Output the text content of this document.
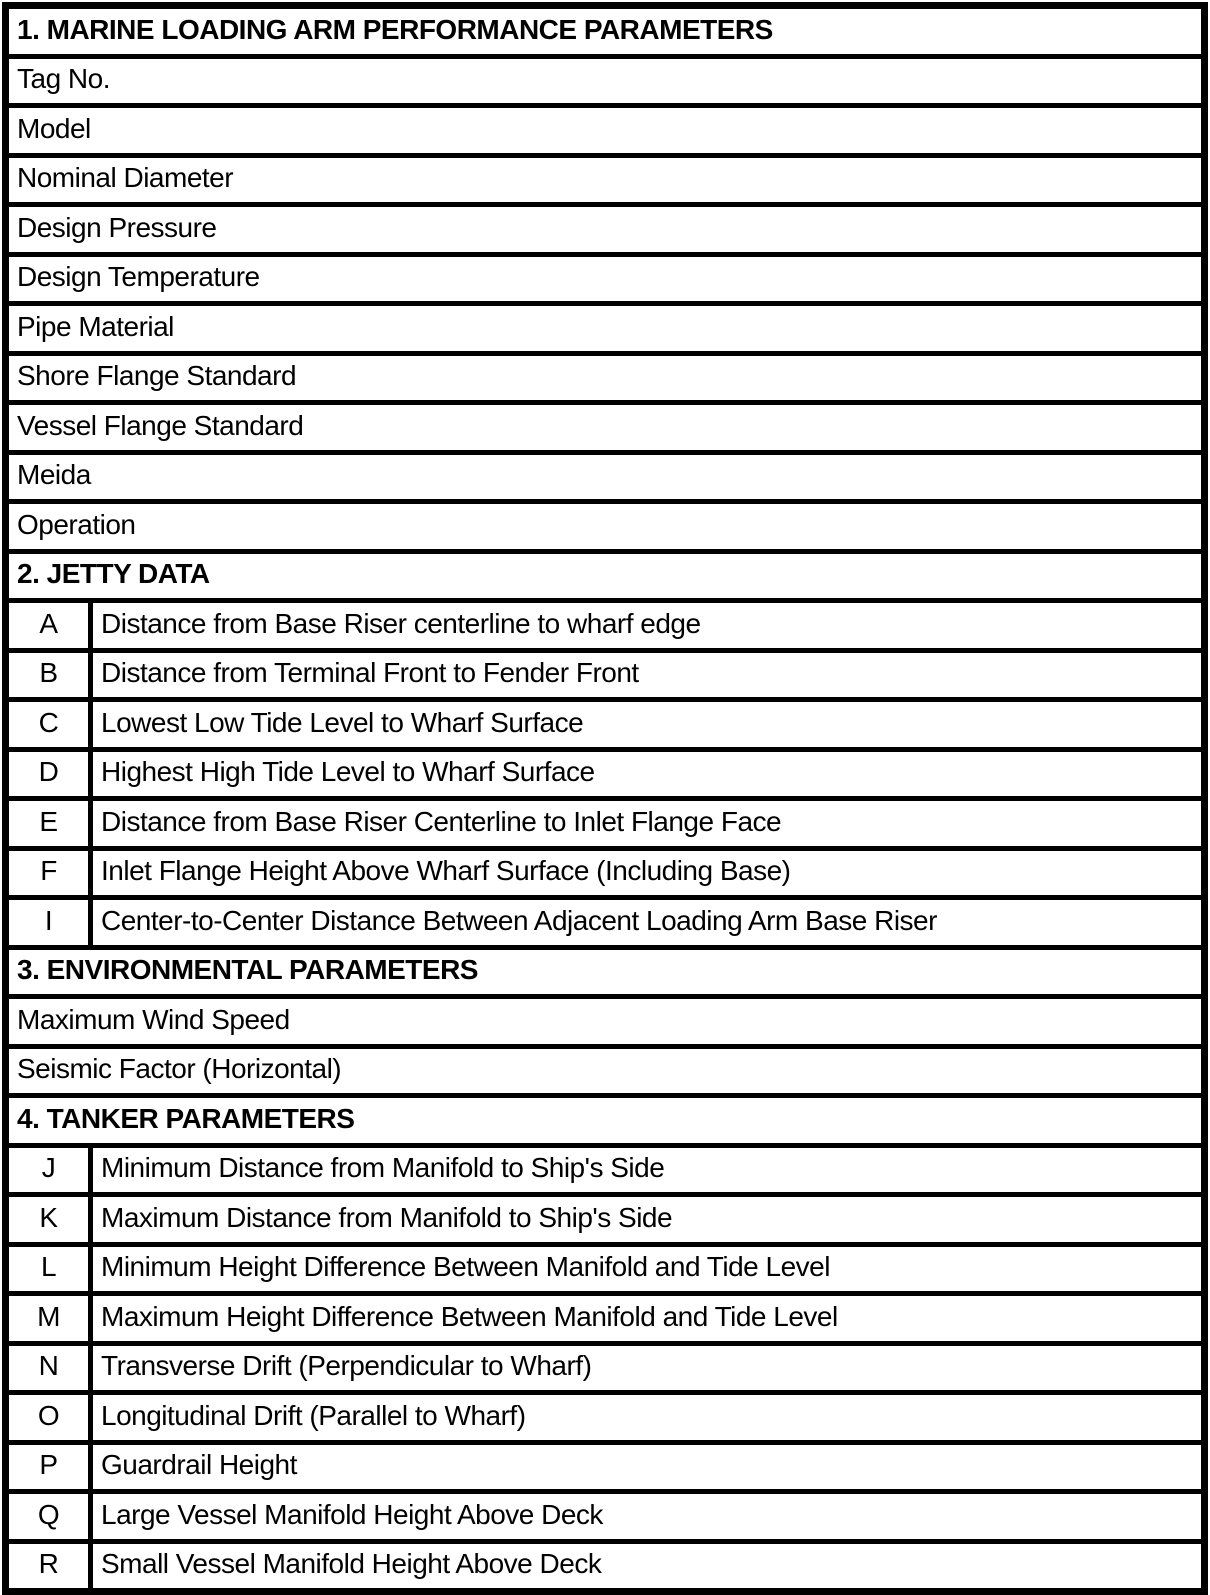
1. MARINE LOADING ARM PERFORMANCE PARAMETERS	
Tag No.	
Model	
Nominal Diameter	
Design Pressure	
Design Temperature	
Pipe Material	
Shore Flange Standard	
Vessel Flange Standard	
Meida	
Operation	
2. JETTY DATA	
A	Distance from Base Riser centerline to wharf edge
B	Distance from Terminal Front to Fender Front
C	Lowest Low Tide Level to Wharf Surface
D	Highest High Tide Level to Wharf Surface
E	Distance from Base Riser Centerline to Inlet Flange Face
F	Inlet Flange Height Above Wharf Surface (Including Base)
I	Center-to-Center Distance Between Adjacent Loading Arm Base Riser
3. ENVIRONMENTAL PARAMETERS	
Maximum Wind Speed	
Seismic Factor (Horizontal)	
4. TANKER PARAMETERS	
J	Minimum Distance from Manifold to Ship's Side
K	Maximum Distance from Manifold to Ship's Side
L	Minimum Height Difference Between Manifold and Tide Level
M	Maximum Height Difference Between Manifold and Tide Level
N	Transverse Drift (Perpendicular to Wharf)
O	Longitudinal Drift (Parallel to Wharf)
P	Guardrail Height
Q	Large Vessel Manifold Height Above Deck
R	Small Vessel Manifold Height Above Deck
